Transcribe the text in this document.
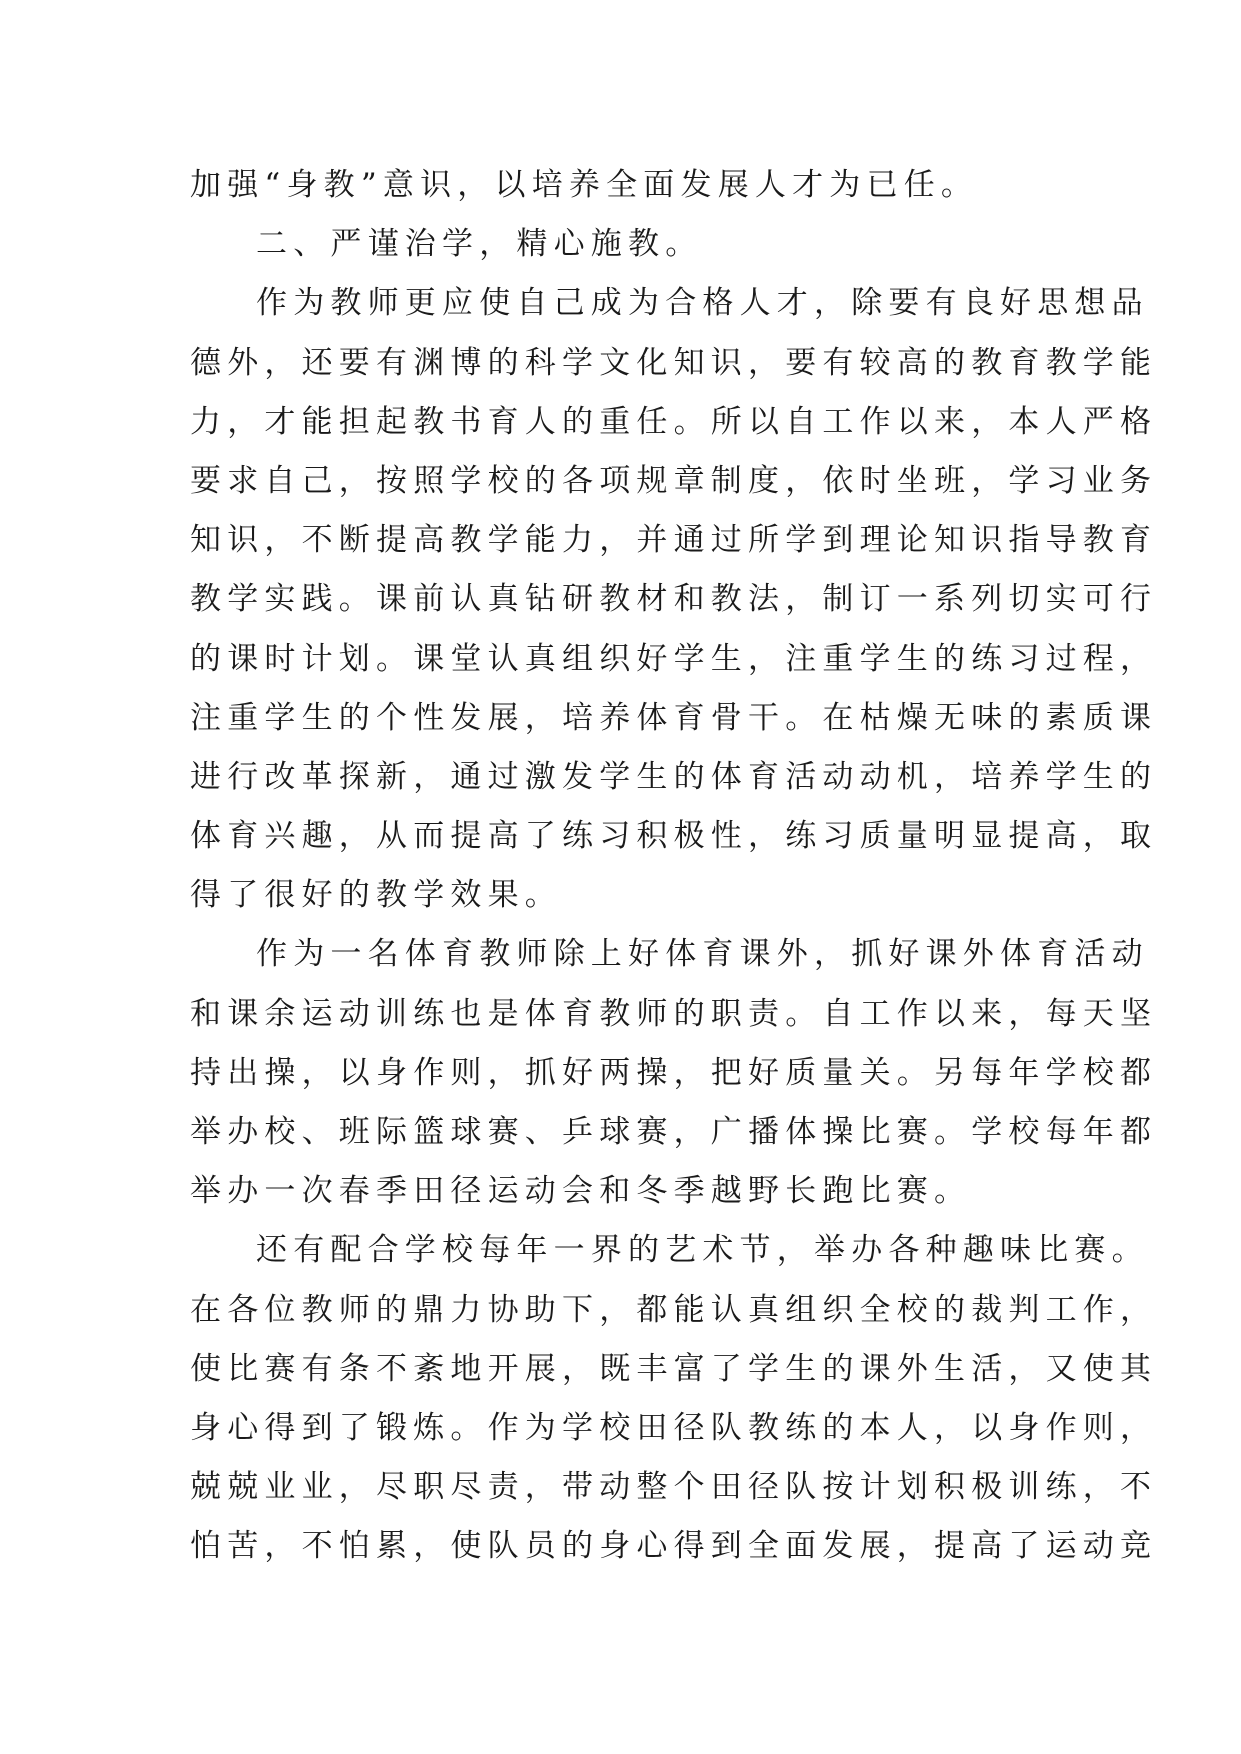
加强“身教”意识，以培养全面发展人才为已任。
二、严谨治学，精心施教。
作为教师更应使自己成为合格人才，除要有良好思想品
德外，还要有渊博的科学文化知识，要有较高的教育教学能
力，才能担起教书育人的重任。所以自工作以来，本人严格
要求自己，按照学校的各项规章制度，依时坐班，学习业务
知识，不断提高教学能力，并通过所学到理论知识指导教育
教学实践。课前认真钻研教材和教法，制订一系列切实可行
的课时计划。课堂认真组织好学生，注重学生的练习过程，
注重学生的个性发展，培养体育骨干。在枯燥无味的素质课
进行改革探新，通过激发学生的体育活动动机，培养学生的
体育兴趣，从而提高了练习积极性，练习质量明显提高，取
得了很好的教学效果。
作为一名体育教师除上好体育课外，抓好课外体育活动
和课余运动训练也是体育教师的职责。自工作以来，每天坚
持出操，以身作则，抓好两操，把好质量关。另每年学校都
举办校、班际篮球赛、乒球赛，广播体操比赛。学校每年都
举办一次春季田径运动会和冬季越野长跑比赛。
还有配合学校每年一界的艺术节，举办各种趣味比赛。
在各位教师的鼎力协助下，都能认真组织全校的裁判工作，
使比赛有条不紊地开展，既丰富了学生的课外生活，又使其
身心得到了锻炼。作为学校田径队教练的本人，以身作则，
兢兢业业，尽职尽责，带动整个田径队按计划积极训练，不
怕苦，不怕累，使队员的身心得到全面发展，提高了运动竞
